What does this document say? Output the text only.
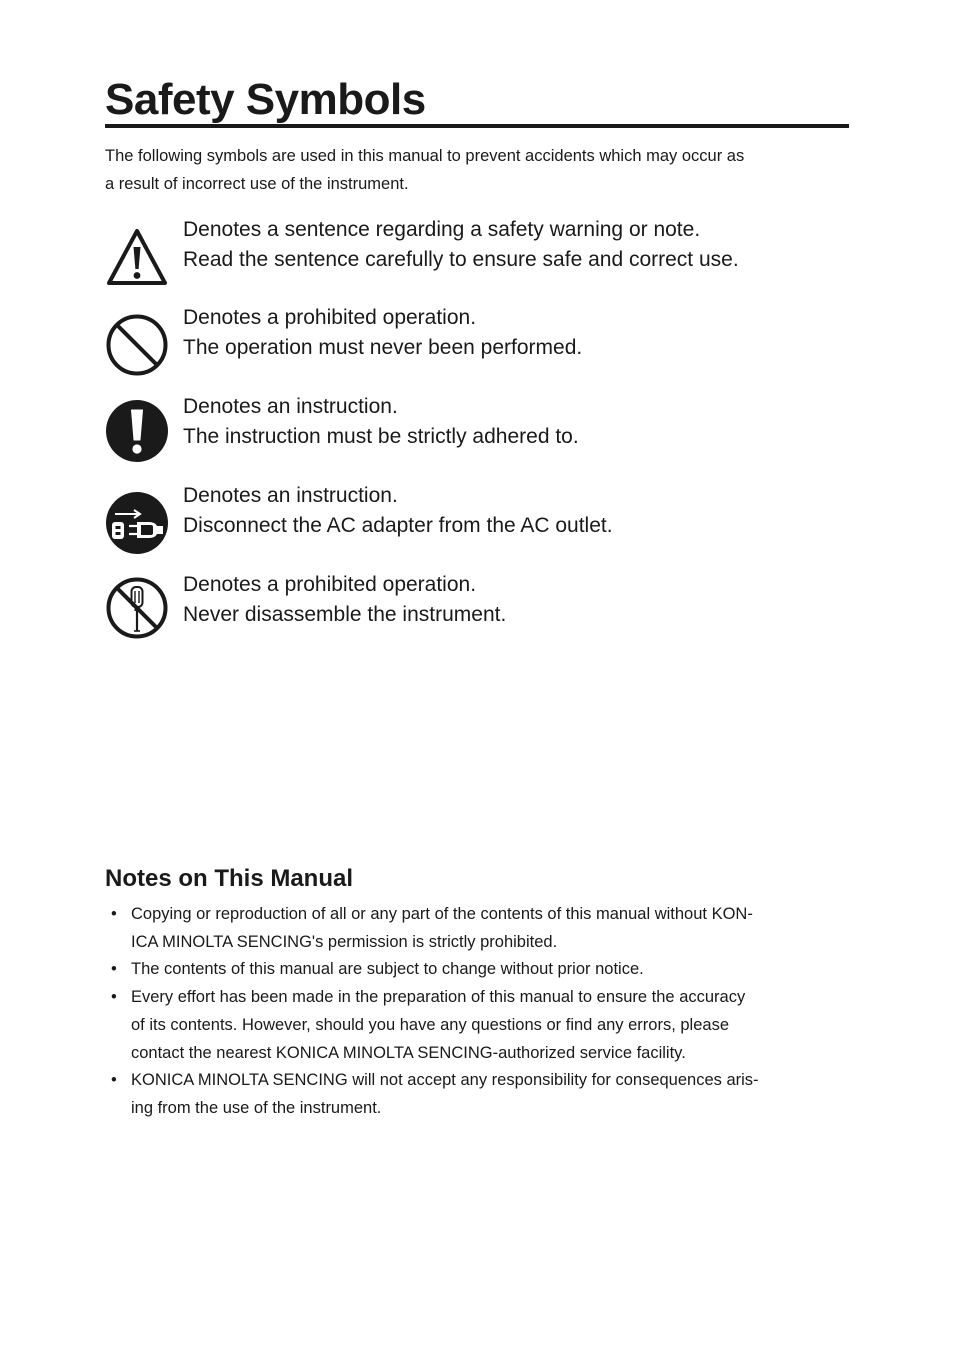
Safety Symbols

The following symbols are used in this manual to prevent accidents which may occur as
a result of incorrect use of the instrument.

Denotes a sentence regarding a safety warning or note.
Read the sentence carefully to ensure safe and correct use.
Denotes a prohibited operation.
The operation must never been performed.
Denotes an instruction.
The instruction must be strictly adhered to.
Denotes an instruction.
Disconnect the AC adapter from the AC outlet.
Denotes a prohibited operation.
Never disassemble the instrument.
Notes on This Manual
• Copying or reproduction of all or any part of the contents of this manual without KON-
ICA MINOLTA SENCING's permission is strictly prohibited.
• The contents of this manual are subject to change without prior notice.
• Every effort has been made in the preparation of this manual to ensure the accuracy
of its contents. However, should you have any questions or find any errors, please
contact the nearest KONICA MINOLTA SENCING-authorized service facility.
• KONICA MINOLTA SENCING will not accept any responsibility for consequences aris-
ing from the use of the instrument.
